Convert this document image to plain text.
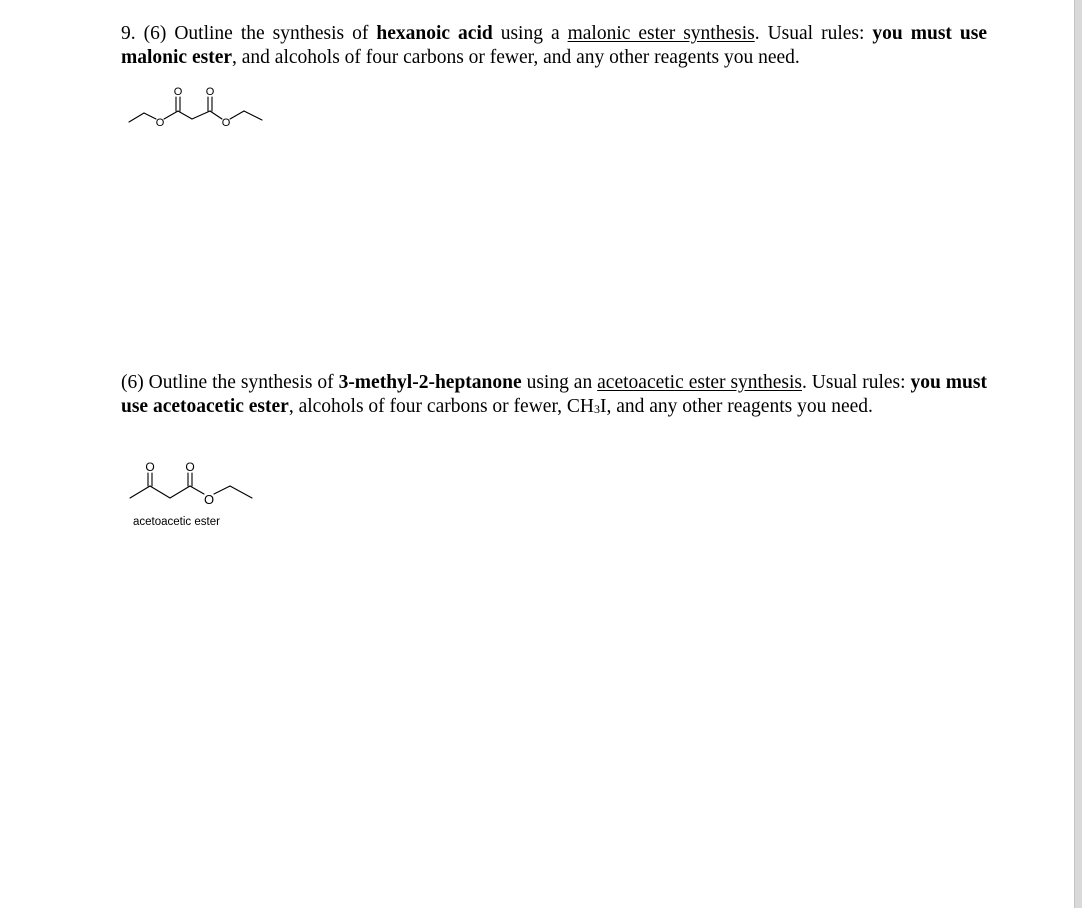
9. (6) Outline the synthesis of hexanoic acid using a malonic ester synthesis. Usual rules: you must use malonic ester, and alcohols of four carbons or fewer, and any other reagents you need.
O O
O	O
(6) Outline the synthesis of 3-methyl-2-heptanone using an acetoacetic ester synthesis. Usual rules: you must use acetoacetic ester, alcohols of four carbons or fewer, $CH_3I$, and any other reagents you need.
O	O
O
acetoacetic ester
